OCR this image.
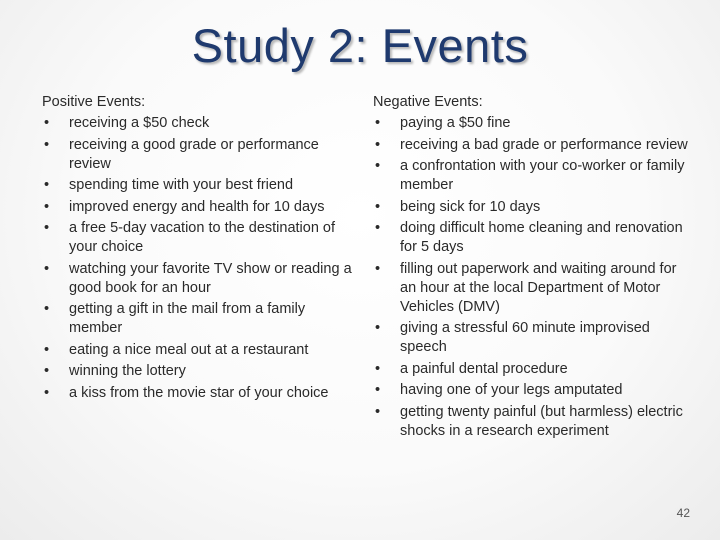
Study 2: Events
Positive Events:
• receiving a $50 check
• receiving a good grade or performance review
• spending time with your best friend
• improved energy and health for 10 days
• a free 5-day vacation to the destination of your choice
• watching your favorite TV show or reading a good book for an hour
• getting a gift in the mail from a family member
• eating a nice meal out at a restaurant
• winning the lottery
• a kiss from the movie star of your choice
Negative Events:
• paying a $50 fine
• receiving a bad grade or performance review
• a confrontation with your co-worker or family member
• being sick for 10 days
• doing difficult home cleaning and renovation for 5 days
• filling out paperwork and waiting around for an hour at the local Department of Motor Vehicles (DMV)
• giving a stressful 60 minute improvised speech
• a painful dental procedure
• having one of your legs amputated
• getting twenty painful (but harmless) electric shocks in a research experiment
42
